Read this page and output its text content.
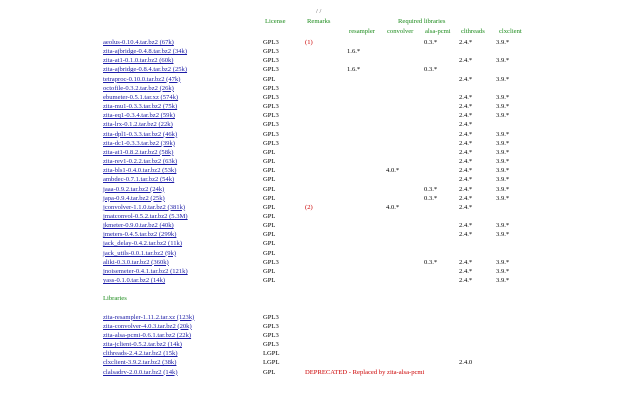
/ /
License	Remarks	Required libraries
resampler convolver alsa-pcmi clthreads clxclient
aeolus-0.10.4.tar.bz2 (67k)	GPL3	(1)			0.3.*	2.4.*	3.9.*
zita-ajbridge-0.4.8.tar.bz2 (34k)	GPL3		1.6.*				
zita-at1-0.1.0.tar.bz2 (60k)	GPL3					2.4.*	3.9.*
zita-ajbridge-0.8.4.tar.bz2 (25k)	GPL3		1.6.*		0.3.*		
tetraproc-0.10.0.tar.bz2 (47k)	GPL					2.4.*	3.9.*
octofile-0.3.2.tar.bz2 (26k)	GPL3						
ebumeter-0.5.1.tar.xz (574k)	GPL3					2.4.*	3.9.*
zita-mu1-0.3.3.tar.bz2 (75k)	GPL3					2.4.*	3.9.*
zita-eq1-0.3.4.tar.bz2 (59k)	GPL3					2.4.*	3.9.*
zita-lrx-0.1.2.tar.bz2 (22k)	GPL3					2.4.*	
zita-dpl1-0.3.3.tar.bz2 (46k)	GPL3					2.4.*	3.9.*
zita-dc1-0.3.3.tar.bz2 (39k)	GPL3					2.4.*	3.9.*
zita-at1-0.8.2.tar.bz2 (58k)	GPL					2.4.*	3.9.*
zita-rev1-0.2.2.tar.bz2 (63k)	GPL					2.4.*	3.9.*
zita-bls1-0.4.0.tar.bz2 (53k)	GPL			4.0.*		2.4.*	3.9.*
ambdec-0.7.1.tar.bz2 (54k)	GPL					2.4.*	3.9.*
jaaa-0.9.2.tar.bz2 (24k)	GPL				0.3.*	2.4.*	3.9.*
japa-0.9.4.tar.bz2 (25k)	GPL				0.3.*	2.4.*	3.9.*
jconvolver-1.1.0.tar.bz2 (381k)	GPL	(2)		4.0.*		2.4.*	
jmatconvol-0.5.2.tar.bz2 (5.3M)	GPL						
jkmeter-0.9.0.tar.bz2 (40k)	GPL					2.4.*	3.9.*
jmeters-0.4.5.tar.bz2 (299k)	GPL					2.4.*	3.9.*
jack_delay-0.4.2.tar.bz2 (11k)	GPL						
jack_utils-0.0.1.tar.bz2 (9k)	GPL						
aliki-0.3.0.tar.bz2 (360k)	GPL3				0.3.*	2.4.*	3.9.*
jnoisemeter-0.4.1.tar.bz2 (121k)	GPL					2.4.*	3.9.*
yass-0.1.0.tar.bz2 (14k)	GPL					2.4.*	3.9.*

Libraries							

zita-resampler-1.11.2.tar.xz (123k)	GPL3						
zita-convolver-4.0.3.tar.bz2 (20k)	GPL3						
zita-alsa-pcmi-0.6.1.tar.bz2 (22k)	GPL3						
zita-jclient-0.5.2.tar.bz2 (14k)	GPL3						
clthreads-2.4.2.tar.bz2 (15k)	LGPL						
clxclient-3.9.2.tar.bz2 (38k)	LGPL					2.4.0	
clalsadrv-2.0.0.tar.bz2 (14k)	GPL	DEPRECATED - Replaced by zita-alsa-pcmi					
